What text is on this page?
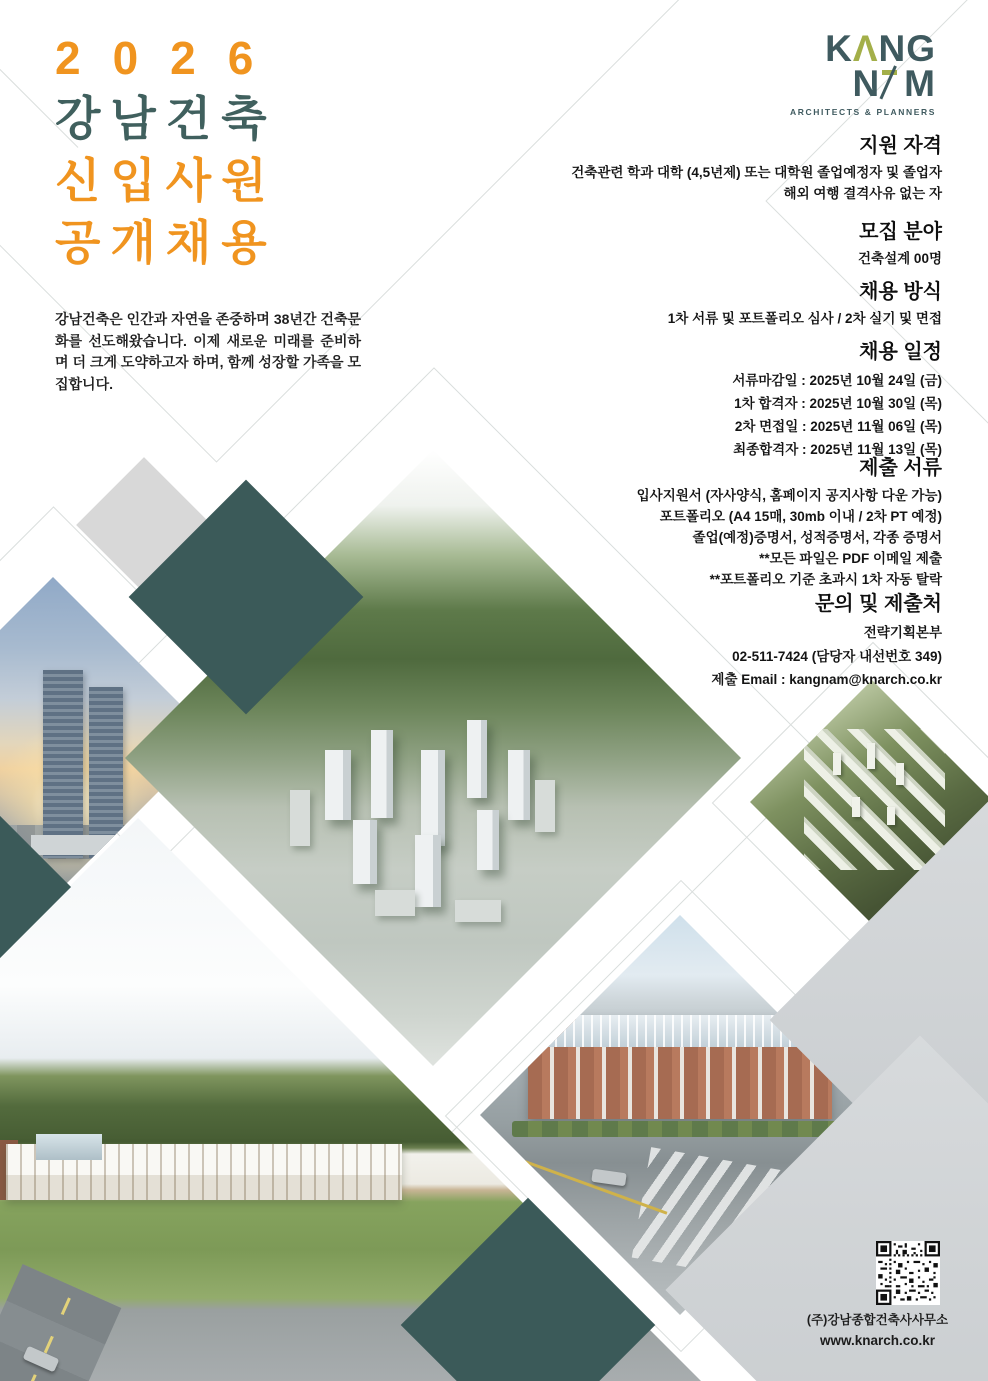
2026
강남건축
신입사원
공개채용

강남건축은 인간과 자연을 존중하며 38년간 건축문화를 선도해왔습니다. 이제 새로운 미래를 준비하며 더 크게 도약하고자 하며, 함께 성장할 가족을 모집합니다.

KΛNG
N M
ARCHITECTS & PLANNERS
지원 자격

건축관련 학과 대학 (4,5년제) 또는 대학원 졸업예정자 및 졸업자

해외 여행 결격사유 없는 자

모집 분야

건축설계 00명

채용 방식

1차 서류 및 포트폴리오 심사 / 2차 실기 및 면접

채용 일정

서류마감일 : 2025년 10월 24일 (금)

1차 합격자 : 2025년 10월 30일 (목)

2차 면접일 : 2025년 11월 06일 (목)

최종합격자 : 2025년 11월 13일 (목)

제출 서류

입사지원서 (자사양식, 홈페이지 공지사항 다운 가능)

포트폴리오 (A4 15매, 30mb 이내 / 2차 PT 예정)

졸업(예정)증명서, 성적증명서, 각종 증명서

**모든 파일은 PDF 이메일 제출

**포트폴리오 기준 초과시 1차 자동 탈락

문의 및 제출처

전략기획본부

02-511-7424 (담당자 내선번호 349)

제출 Email : kangnam@knarch.co.kr

(주)강남종합건축사사무소
www.knarch.co.kr
